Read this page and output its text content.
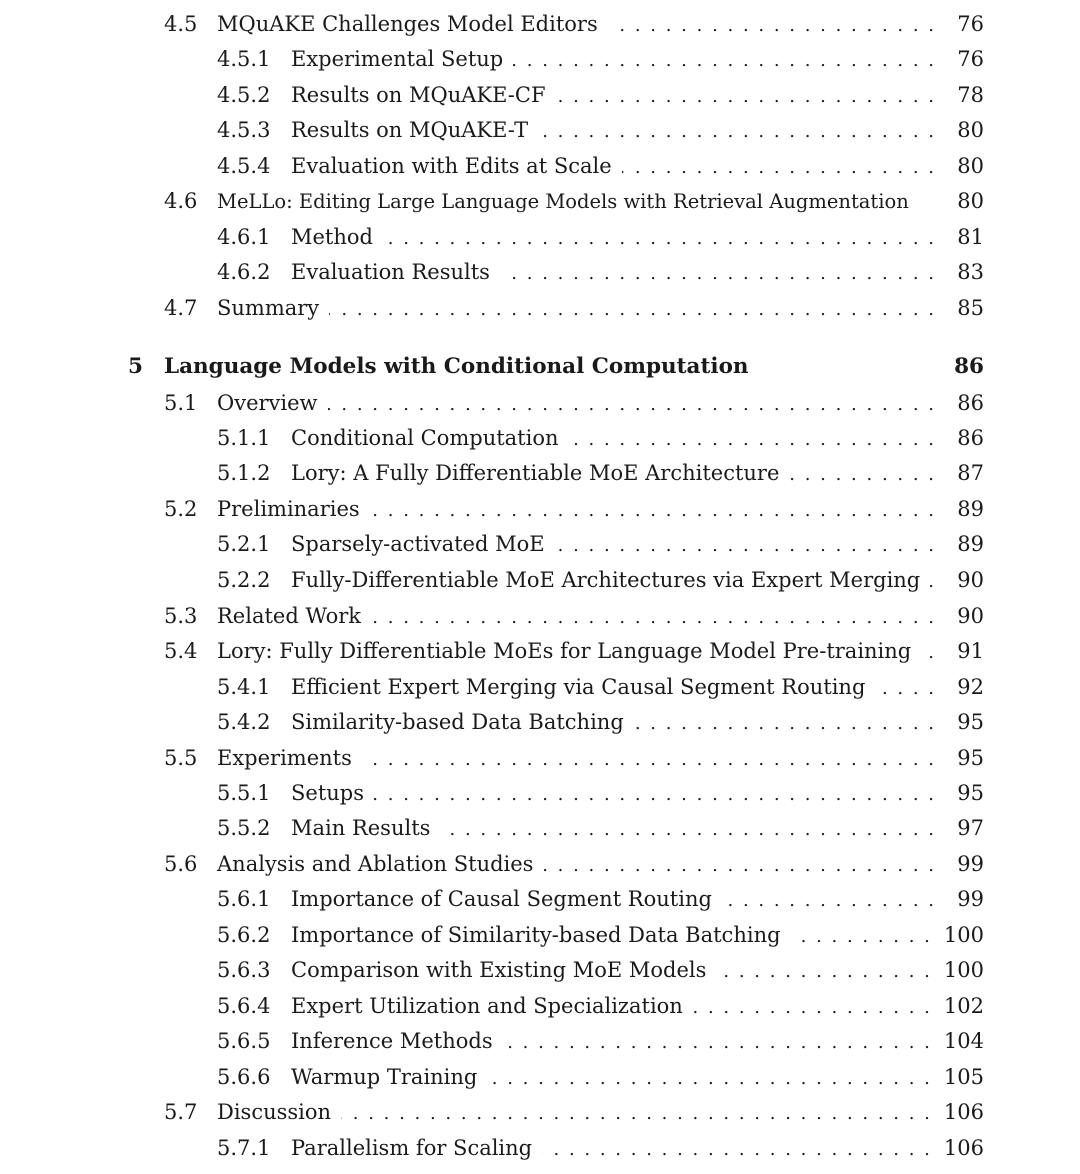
4.5 MQuAKE Challenges Model Editors . . .	76
4.5.1 Experimental Setup . . .	76
4.5.2 Results on MQuAKE-CF . . .	78
4.5.3 Results on MQuAKE-T . . .	80
4.5.4 Evaluation with Edits at Scale . . .	80
4.6	MeLLo: Editing Large Language Models with Retrieval Augmentation	80
4.6.1 Method . . .	81
4.6.2 Evaluation Results . . .	83
4.7 Summary . . .	85
5 Language Models with Conditional Computation	86
5.1 Overview . . .	86
5.1.1 Conditional Computation . . .	86
5.1.2 Lory: A Fully Differentiable MoE Architecture . . .	87
5.2 Preliminaries . . .	89
5.2.1 Sparsely-activated MoE . . .	89
5.2.2 Fully-Differentiable MoE Architectures via Expert Merging . . .	90
5.3 Related Work . . .	90
5.4 Lory: Fully Differentiable MoEs for Language Model Pre-training . . .	91
5.4.1 Efficient Expert Merging via Causal Segment Routing . . .	92
5.4.2 Similarity-based Data Batching . . .	95
5.5 Experiments . . .	95
5.5.1 Setups . . .	95
5.5.2 Main Results . . .	97
5.6 Analysis and Ablation Studies . . .	99
5.6.1 Importance of Causal Segment Routing . . .	99
5.6.2 Importance of Similarity-based Data Batching . . .	100
5.6.3 Comparison with Existing MoE Models . . .	100
5.6.4 Expert Utilization and Specialization . . .	102
5.6.5 Inference Methods . . .	104
5.6.6 Warmup Training . . .	105
5.7 Discussion . . .	106
5.7.1 Parallelism for Scaling . . .	106
